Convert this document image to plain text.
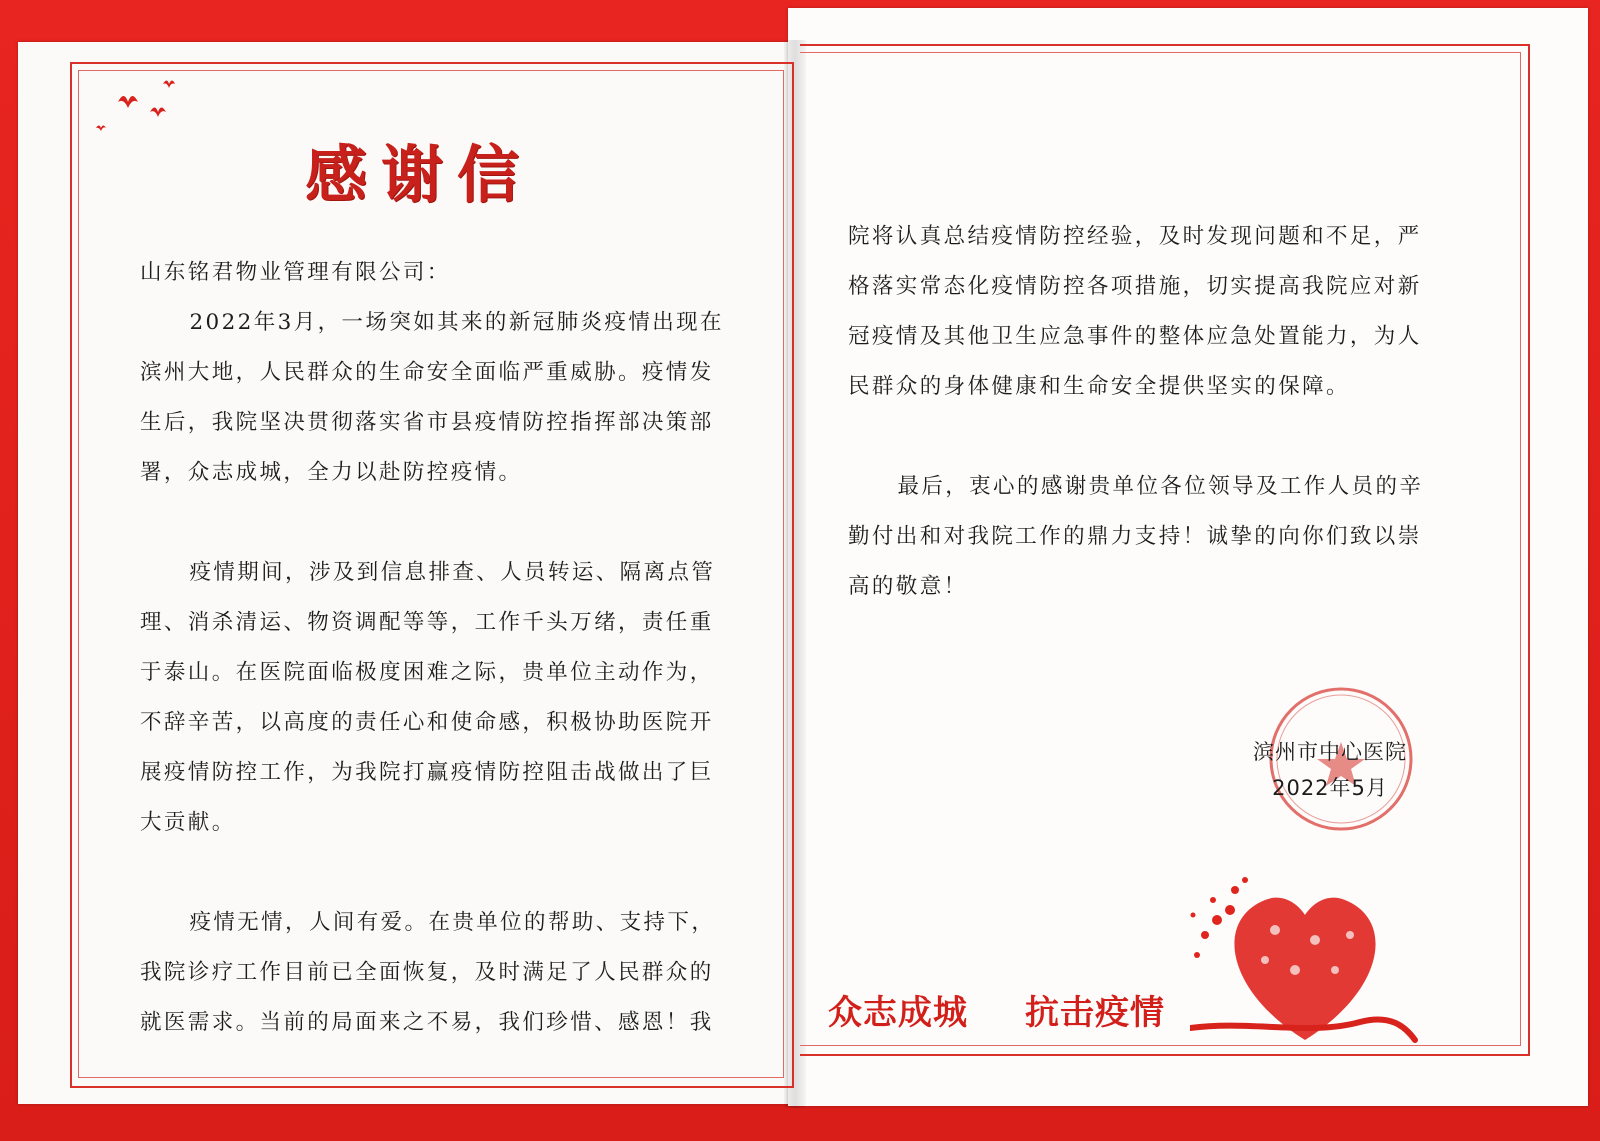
感谢信

山东铭君物业管理有限公司：

2022年3月，一场突如其来的新冠肺炎疫情出现在滨州大地，人民群众的生命安全面临严重威胁。疫情发生后，我院坚决贯彻落实省市县疫情防控指挥部决策部署，众志成城，全力以赴防控疫情。

疫情期间，涉及到信息排查、人员转运、隔离点管理、消杀清运、物资调配等等，工作千头万绪，责任重于泰山。在医院面临极度困难之际，贵单位主动作为，不辞辛苦，以高度的责任心和使命感，积极协助医院开展疫情防控工作，为我院打赢疫情防控阻击战做出了巨大贡献。

疫情无情，人间有爱。在贵单位的帮助、支持下，我院诊疗工作目前已全面恢复，及时满足了人民群众的就医需求。当前的局面来之不易，我们珍惜、感恩！我

院将认真总结疫情防控经验，及时发现问题和不足，严格落实常态化疫情防控各项措施，切实提高我院应对新冠疫情及其他卫生应急事件的整体应急处置能力，为人民群众的身体健康和生命安全提供坚实的保障。

最后，衷心的感谢贵单位各位领导及工作人员的辛勤付出和对我院工作的鼎力支持！诚挚的向你们致以崇高的敬意！

滨州市中心医院
2022年5月

众志成城 抗击疫情
